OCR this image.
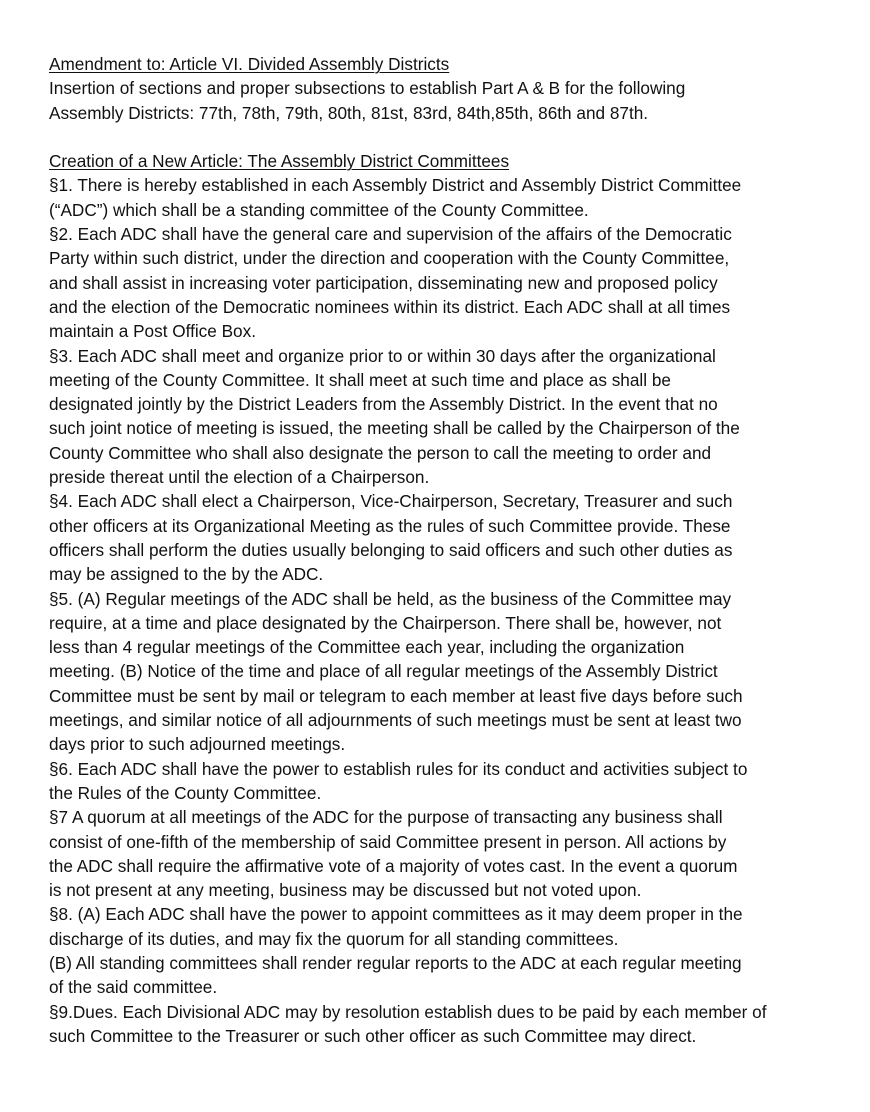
Amendment to: Article VI. Divided Assembly Districts
Insertion of sections and proper subsections to establish Part A & B for the following
Assembly Districts: 77th, 78th, 79th, 80th, 81st, 83rd, 84th,85th, 86th and 87th.
Creation of a New Article: The Assembly District Committees
§1. There is hereby established in each Assembly District and Assembly District Committee
(“ADC”) which shall be a standing committee of the County Committee.
§2. Each ADC shall have the general care and supervision of the affairs of the Democratic
Party within such district, under the direction and cooperation with the County Committee,
and shall assist in increasing voter participation, disseminating new and proposed policy
and the election of the Democratic nominees within its district. Each ADC shall at all times
maintain a Post Office Box.
§3. Each ADC shall meet and organize prior to or within 30 days after the organizational
meeting of the County Committee. It shall meet at such time and place as shall be
designated jointly by the District Leaders from the Assembly District. In the event that no
such joint notice of meeting is issued, the meeting shall be called by the Chairperson of the
County Committee who shall also designate the person to call the meeting to order and
preside thereat until the election of a Chairperson.
§4. Each ADC shall elect a Chairperson, Vice-Chairperson, Secretary, Treasurer and such
other officers at its Organizational Meeting as the rules of such Committee provide. These
officers shall perform the duties usually belonging to said officers and such other duties as
may be assigned to the by the ADC.
§5. (A) Regular meetings of the ADC shall be held, as the business of the Committee may
require, at a time and place designated by the Chairperson. There shall be, however, not
less than 4 regular meetings of the Committee each year, including the organization
meeting. (B) Notice of the time and place of all regular meetings of the Assembly District
Committee must be sent by mail or telegram to each member at least five days before such
meetings, and similar notice of all adjournments of such meetings must be sent at least two
days prior to such adjourned meetings.
§6. Each ADC shall have the power to establish rules for its conduct and activities subject to
the Rules of the County Committee.
§7 A quorum at all meetings of the ADC for the purpose of transacting any business shall
consist of one-fifth of the membership of said Committee present in person. All actions by
the ADC shall require the affirmative vote of a majority of votes cast. In the event a quorum
is not present at any meeting, business may be discussed but not voted upon.
§8. (A) Each ADC shall have the power to appoint committees as it may deem proper in the
discharge of its duties, and may fix the quorum for all standing committees.
(B) All standing committees shall render regular reports to the ADC at each regular meeting
of the said committee.
§9.Dues. Each Divisional ADC may by resolution establish dues to be paid by each member of
such Committee to the Treasurer or such other officer as such Committee may direct.
